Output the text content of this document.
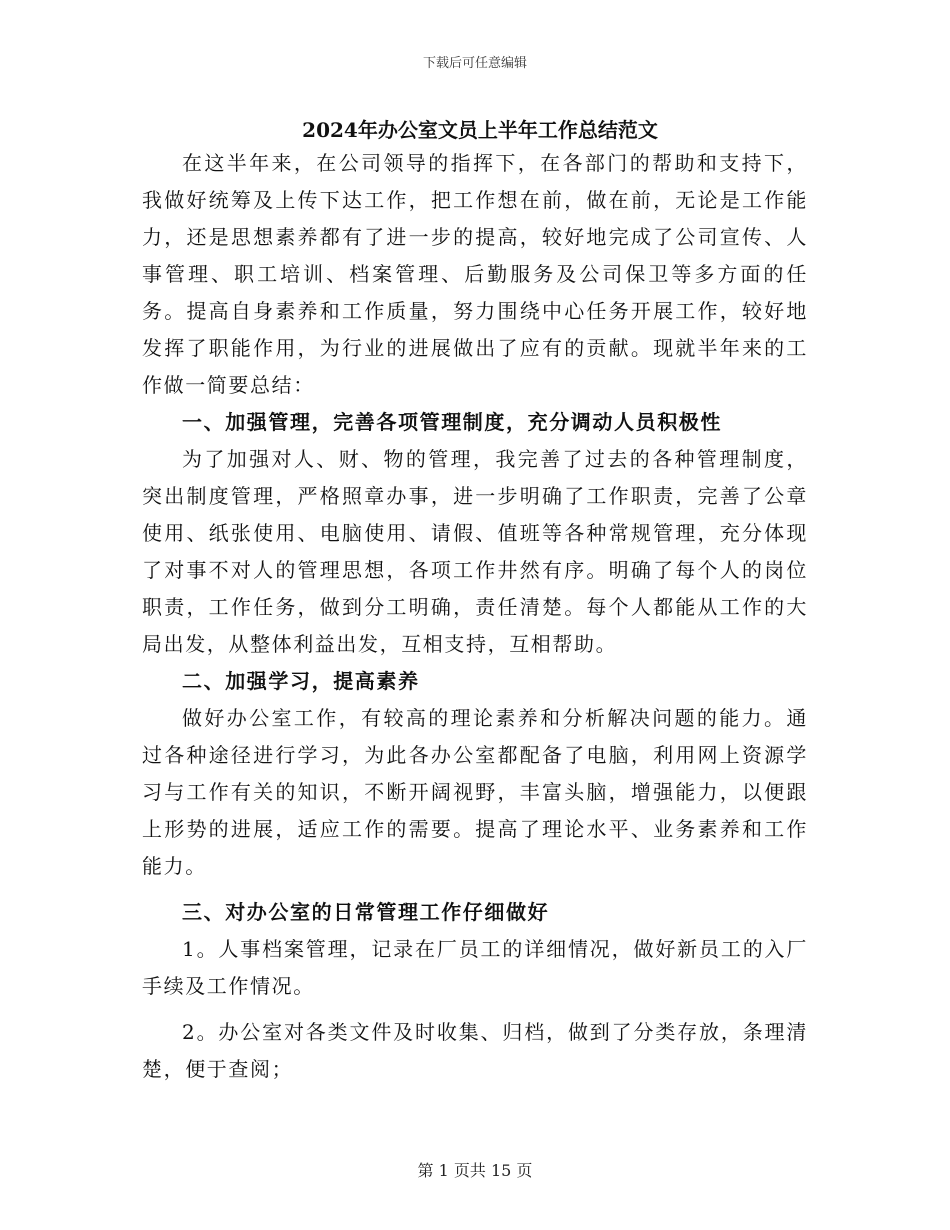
下载后可任意编辑
2024年办公室文员上半年工作总结范文

在这半年来，在公司领导的指挥下，在各部门的帮助和支持下，我做好统筹及上传下达工作，把工作想在前，做在前，无论是工作能力，还是思想素养都有了进一步的提高，较好地完成了公司宣传、人事管理、职工培训、档案管理、后勤服务及公司保卫等多方面的任务。提高自身素养和工作质量，努力围绕中心任务开展工作，较好地发挥了职能作用，为行业的进展做出了应有的贡献。现就半年来的工作做一简要总结：

一、加强管理，完善各项管理制度，充分调动人员积极性

为了加强对人、财、物的管理，我完善了过去的各种管理制度，突出制度管理，严格照章办事，进一步明确了工作职责，完善了公章使用、纸张使用、电脑使用、请假、值班等各种常规管理，充分体现了对事不对人的管理思想，各项工作井然有序。明确了每个人的岗位职责，工作任务，做到分工明确，责任清楚。每个人都能从工作的大局出发，从整体利益出发，互相支持，互相帮助。

二、加强学习，提高素养

做好办公室工作，有较高的理论素养和分析解决问题的能力。通过各种途径进行学习，为此各办公室都配备了电脑，利用网上资源学习与工作有关的知识，不断开阔视野，丰富头脑，增强能力，以便跟上形势的进展，适应工作的需要。提高了理论水平、业务素养和工作能力。

三、对办公室的日常管理工作仔细做好

1。人事档案管理，记录在厂员工的详细情况，做好新员工的入厂手续及工作情况。

2。办公室对各类文件及时收集、归档，做到了分类存放，条理清楚，便于查阅；

第 1 页共 15 页
